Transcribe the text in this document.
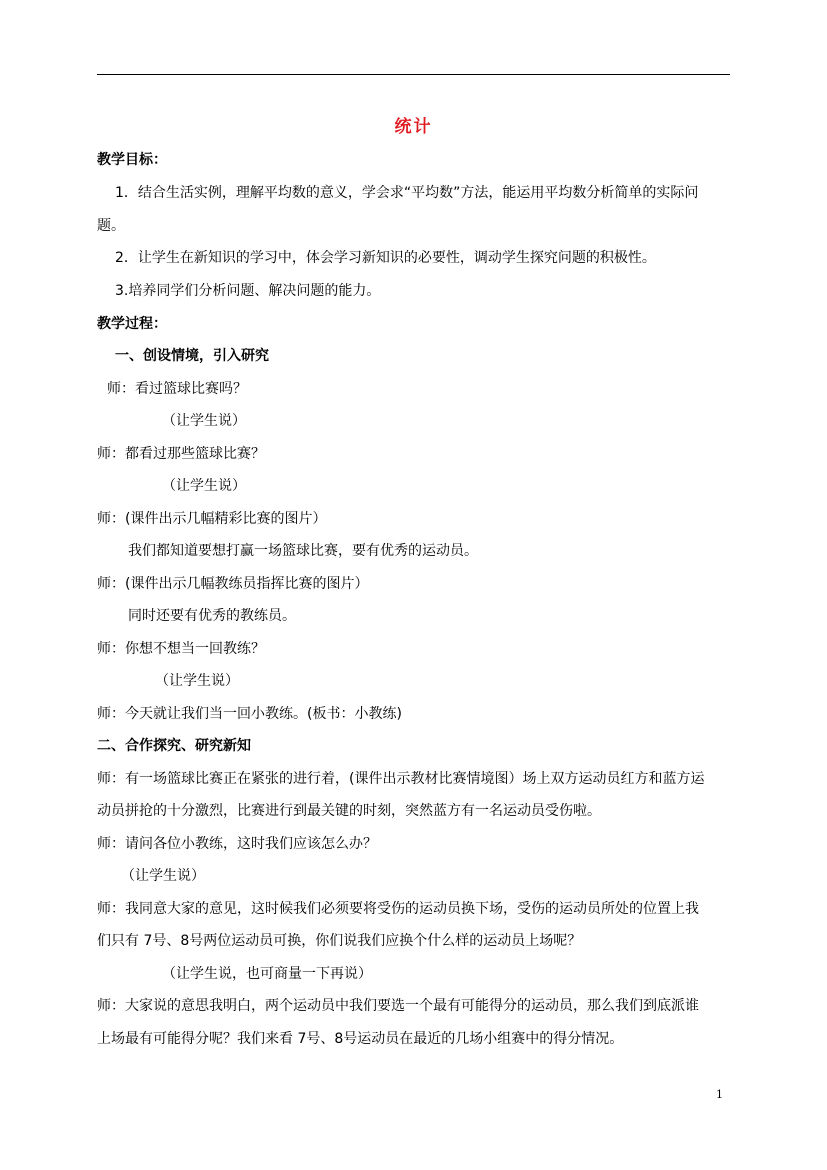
统计
教学目标：
1．结合生活实例，理解平均数的意义，学会求“平均数”方法，能运用平均数分析简单的实际问
题。
2．让学生在新知识的学习中，体会学习新知识的必要性，调动学生探究问题的积极性。
3.培养同学们分析问题、解决问题的能力。
教学过程：
一、创设情境，引入研究
师：看过篮球比赛吗？
（让学生说）
师：都看过那些篮球比赛？
（让学生说）
师：(课件出示几幅精彩比赛的图片）
我们都知道要想打赢一场篮球比赛，要有优秀的运动员。
师：(课件出示几幅教练员指挥比赛的图片）
同时还要有优秀的教练员。
师：你想不想当一回教练？
（让学生说）
师：今天就让我们当一回小教练。(板书：小教练)
二、合作探究、研究新知
师：有一场篮球比赛正在紧张的进行着，(课件出示教材比赛情境图）场上双方运动员红方和蓝方运
动员拼抢的十分激烈，比赛进行到最关键的时刻，突然蓝方有一名运动员受伤啦。
师：请问各位小教练，这时我们应该怎么办？
（让学生说）
师：我同意大家的意见，这时候我们必须要将受伤的运动员换下场，受伤的运动员所处的位置上我
们只有 7号、8号两位运动员可换，你们说我们应换个什么样的运动员上场呢？
（让学生说，也可商量一下再说）
师：大家说的意思我明白，两个运动员中我们要选一个最有可能得分的运动员，那么我们到底派谁
上场最有可能得分呢？我们来看 7号、8号运动员在最近的几场小组赛中的得分情况。
1
